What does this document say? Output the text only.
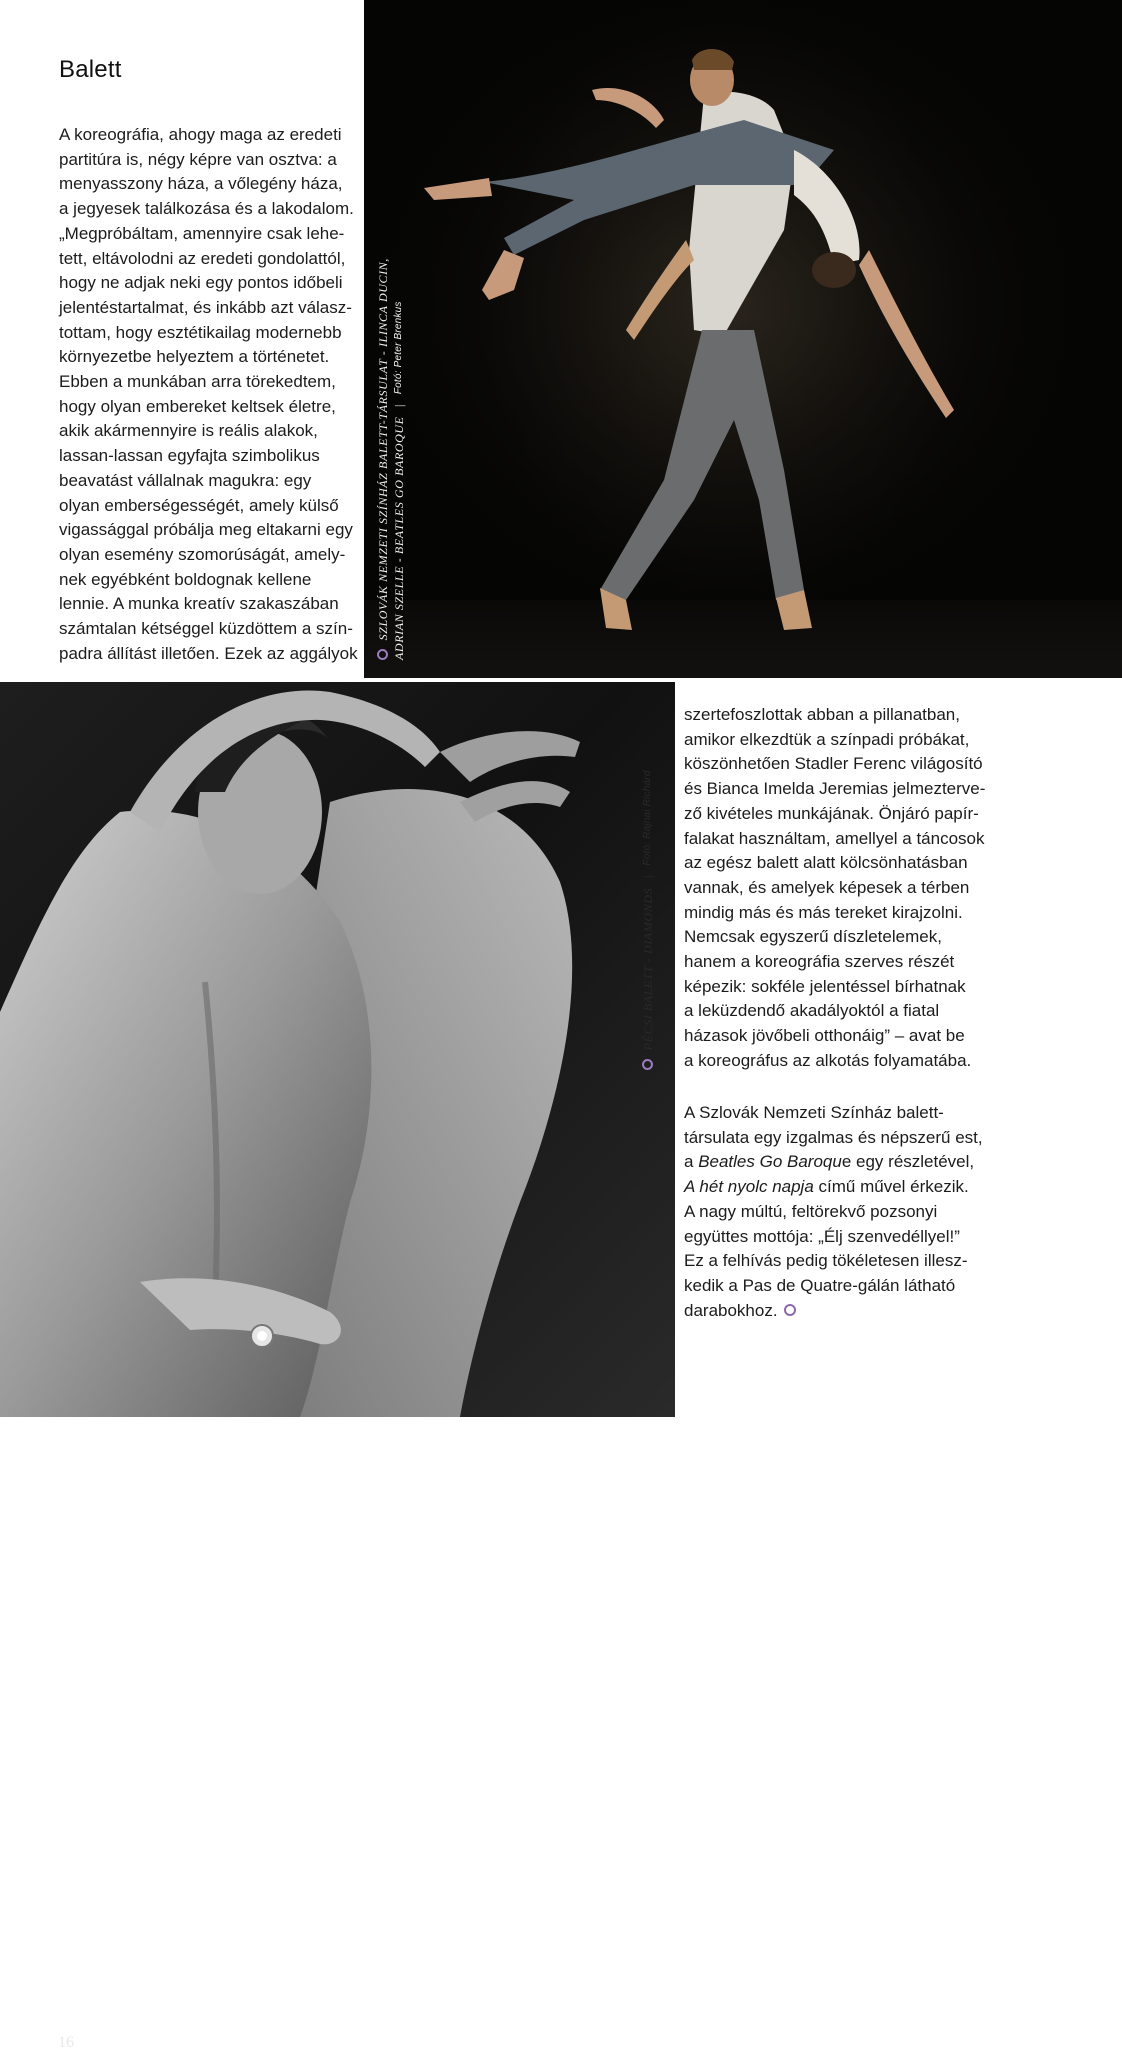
Balett
A koreográfia, ahogy maga az eredeti
partitúra is, négy képre van osztva: a
menyasszony háza, a vőlegény háza,
a jegyesek találkozása és a lakodalom.
„Megpróbáltam, amennyire csak lehe-
tett, eltávolodni az eredeti gondolattól,
hogy ne adjak neki egy pontos időbeli
jelentéstartalmat, és inkább azt válasz-
tottam, hogy esztétikailag modernebb
környezetbe helyeztem a történetet.
Ebben a munkában arra törekedtem,
hogy olyan embereket keltsek életre,
akik akármennyire is reális alakok,
lassan-lassan egyfajta szimbolikus
beavatást vállalnak magukra: egy
olyan emberségességét, amely külső
vigassággal próbálja meg eltakarni egy
olyan esemény szomorúságát, amely-
nek egyébként boldognak kellene
lennie. A munka kreatív szakaszában
számtalan kétséggel küzdöttem a szín-
padra állítást illetően. Ezek az aggályok
SZLOVÁK NEMZETI SZÍNHÁZ BALETT-TÁRSULAT - ILINCA DUCIN, ADRIAN SZELLE - BEATLES GO BAROQUE | Fotó: Peter Brenkus
16
PÉCSI BALETT - DIAMONDS | Fotó: Rajnai Richárd
szertefoszlottak abban a pillanatban,
amikor elkezdtük a színpadi próbákat,
köszönhetően Stadler Ferenc világosító
és Bianca Imelda Jeremias jelmezterve-
ző kivételes munkájának. Önjáró papír-
falakat használtam, amellyel a táncosok
az egész balett alatt kölcsönhatásban
vannak, és amelyek képesek a térben
mindig más és más tereket kirajzolni.
Nemcsak egyszerű díszletelemek,
hanem a koreográfia szerves részét
képezik: sokféle jelentéssel bírhatnak
a leküzdendő akadályoktól a fiatal
házasok jövőbeli otthonáig” – avat be
a koreográfus az alkotás folyamatába.
A Szlovák Nemzeti Színház balett-
társulata egy izgalmas és népszerű est,
a Beatles Go Baroque egy részletével,
A hét nyolc napja című művel érkezik.
A nagy múltú, feltörekvő pozsonyi
együttes mottója: „Élj szenvedéllyel!”
Ez a felhívás pedig tökéletesen illesz-
kedik a Pas de Quatre-gálán látható
darabokhoz.
